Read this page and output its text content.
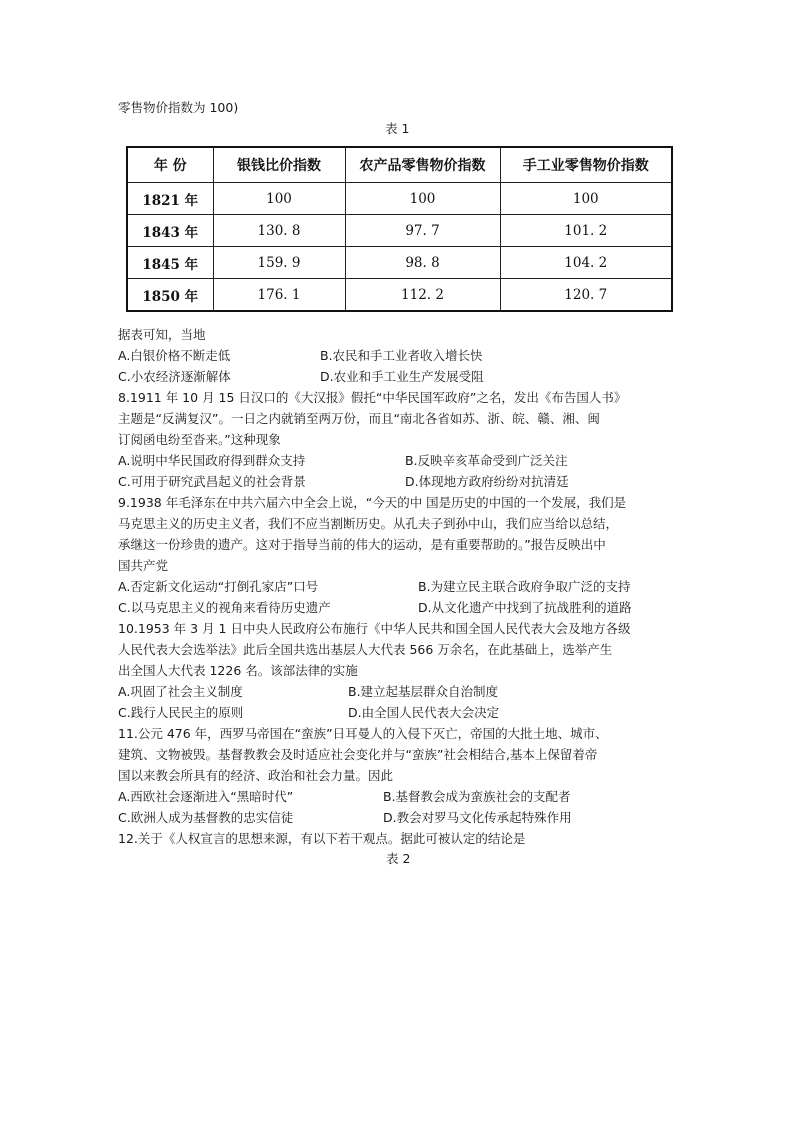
零售物价指数为 100)
表 1
年 份	银钱比价指数	农产品零售物价指数	手工业零售物价指数
1821 年	100	100	100
1843 年	130. 8	97. 7	101. 2
1845 年	159. 9	98. 8	104. 2
1850 年	176. 1	112. 2	120. 7
据表可知，当地
A.白银价格不断走低	B.农民和手工业者收入增长快
C.小农经济逐渐解体	D.农业和手工业生产发展受阻
8.1911 年 10 月 15 日汉口的《大汉报》假托“中华民国军政府”之名，发出《布告国人书》
主题是“反满复汉”。一日之内就销至两万份，而且“南北各省如苏、浙、皖、赣、湘、闽
订阅函电纷至沓来。”这种现象
A.说明中华民国政府得到群众支持	B.反映辛亥革命受到广泛关注
C.可用于研究武昌起义的社会背景	D.体现地方政府纷纷对抗清廷
9.1938 年毛泽东在中共六届六中全会上说，“今天的中 国是历史的中国的一个发展，我们是
马克思主义的历史主义者，我们不应当割断历史。从孔夫子到孙中山，我们应当给以总结，
承继这一份珍贵的遗产。这对于指导当前的伟大的运动，是有重要帮助的。”报告反映出中
国共产党
A.否定新文化运动“打倒孔家店”口号	B.为建立民主联合政府争取广泛的支持
C.以马克思主义的视角来看待历史遗产	D.从文化遗产中找到了抗战胜利的道路
10.1953 年 3 月 1 日中央人民政府公布施行《中华人民共和国全国人民代表大会及地方各级
人民代表大会选举法》此后全国共选出基层人大代表 566 万余名，在此基础上，选举产生
出全国人大代表 1226 名。该部法律的实施
A.巩固了社会主义制度	B.建立起基层群众自治制度
C.践行人民民主的原则	D.由全国人民代表大会决定
11.公元 476 年，西罗马帝国在“蛮族”日耳曼人的入侵下灭亡，帝国的大批土地、城市、
建筑、文物被毁。基督教教会及时适应社会变化并与“蛮族”社会相结合,基本上保留着帝
国以来教会所具有的经济、政治和社会力量。因此
A.西欧社会逐渐进入“黑暗时代”	B.基督教会成为蛮族社会的支配者
C.欧洲人成为基督教的忠实信徒	D.教会对罗马文化传承起特殊作用
12.关于《人权宣言的思想来源，有以下若干观点。据此可被认定的结论是
表 2
